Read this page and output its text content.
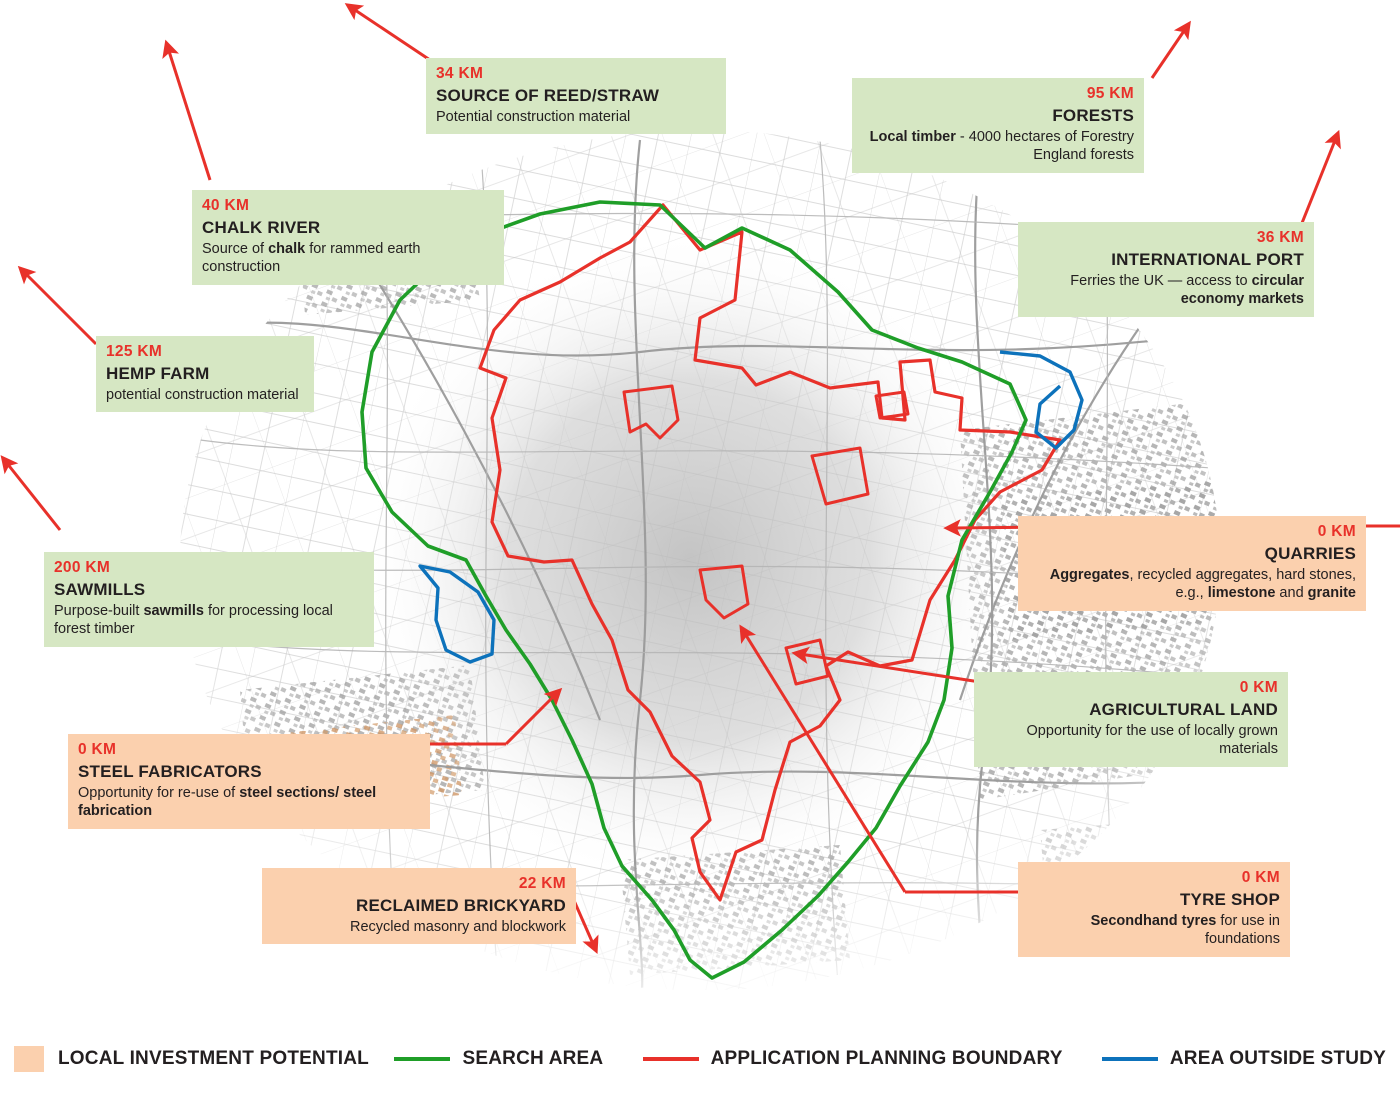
34 KM
SOURCE OF REED/STRAW
Potential construction material
95 KM
FORESTS
Local timber - 4000 hectares of Forestry England forests
40 KM
CHALK RIVER
Source of chalk for rammed earth construction
36 KM
INTERNATIONAL PORT
Ferries the UK — access to circular economy markets
125 KM
HEMP FARM
potential construction material
0 KM
QUARRIES
Aggregates, recycled aggregates, hard stones, e.g., limestone and granite
200 KM
SAWMILLS
Purpose-built sawmills for processing local forest timber
0 KM
AGRICULTURAL LAND
Opportunity for the use of locally grown materials
0 KM
STEEL FABRICATORS
Opportunity for re-use of steel sections/ steel fabrication
22 KM
RECLAIMED BRICKYARD
Recycled masonry and blockwork
0 KM
TYRE SHOP
Secondhand tyres for use in foundations
LOCAL INVESTMENT POTENTIAL	SEARCH AREA	APPLICATION PLANNING BOUNDARY	AREA OUTSIDE STUDY
